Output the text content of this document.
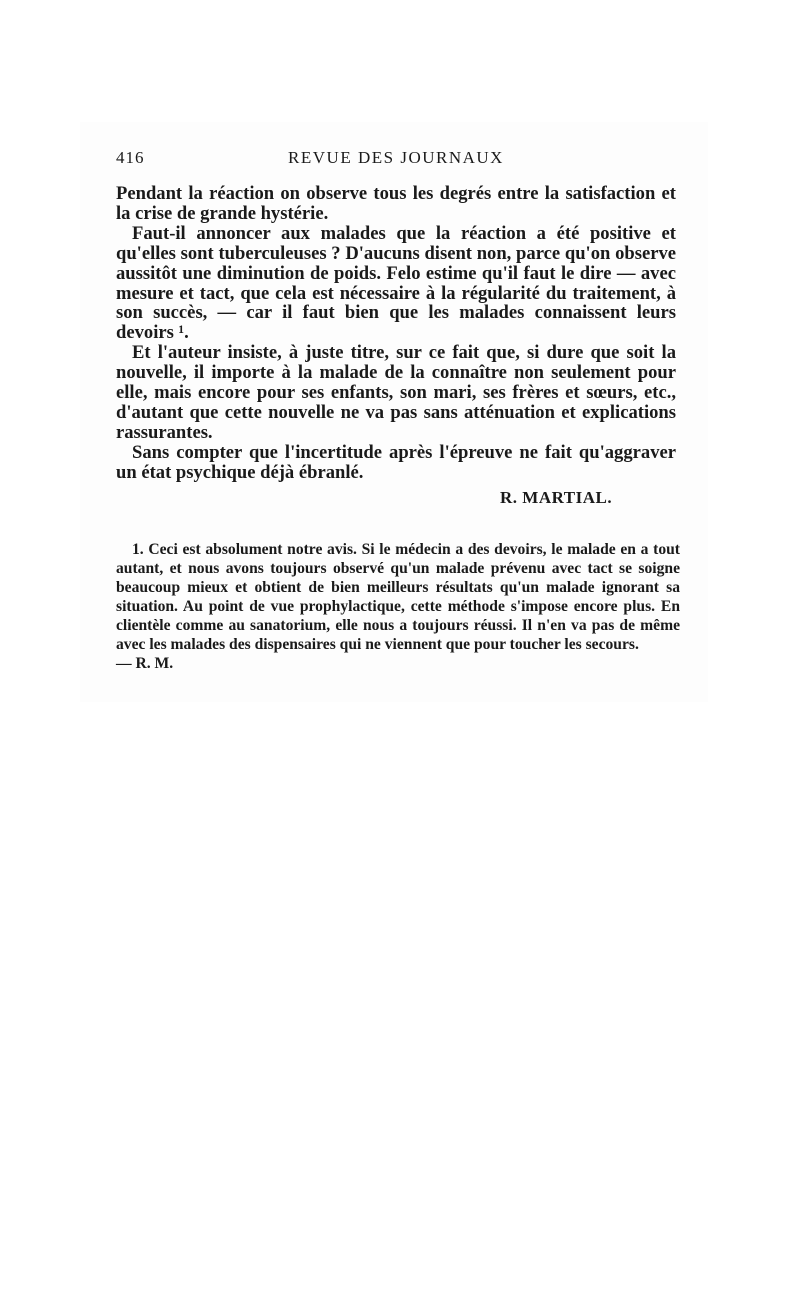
416	REVUE DES JOURNAUX

Pendant la réaction on observe tous les degrés entre la satisfaction et la crise de grande hystérie.

Faut-il annoncer aux malades que la réaction a été positive et qu'elles sont tuberculeuses ? D'aucuns disent non, parce qu'on observe aussitôt une diminution de poids. Felo estime qu'il faut le dire — avec mesure et tact, que cela est nécessaire à la régularité du traitement, à son succès, — car il faut bien que les malades connaissent leurs devoirs ¹.

Et l'auteur insiste, à juste titre, sur ce fait que, si dure que soit la nouvelle, il importe à la malade de la connaître non seulement pour elle, mais encore pour ses enfants, son mari, ses frères et sœurs, etc., d'autant que cette nouvelle ne va pas sans atténuation et explications rassurantes.

Sans compter que l'incertitude après l'épreuve ne fait qu'aggraver un état psychique déjà ébranlé.

R. MARTIAL.

1. Ceci est absolument notre avis. Si le médecin a des devoirs, le malade en a tout autant, et nous avons toujours observé qu'un malade prévenu avec tact se soigne beaucoup mieux et obtient de bien meilleurs résultats qu'un malade ignorant sa situation. Au point de vue prophylactique, cette méthode s'impose encore plus. En clientèle comme au sanatorium, elle nous a toujours réussi. Il n'en va pas de même avec les malades des dispensaires qui ne viennent que pour toucher les secours.
— R. M.
